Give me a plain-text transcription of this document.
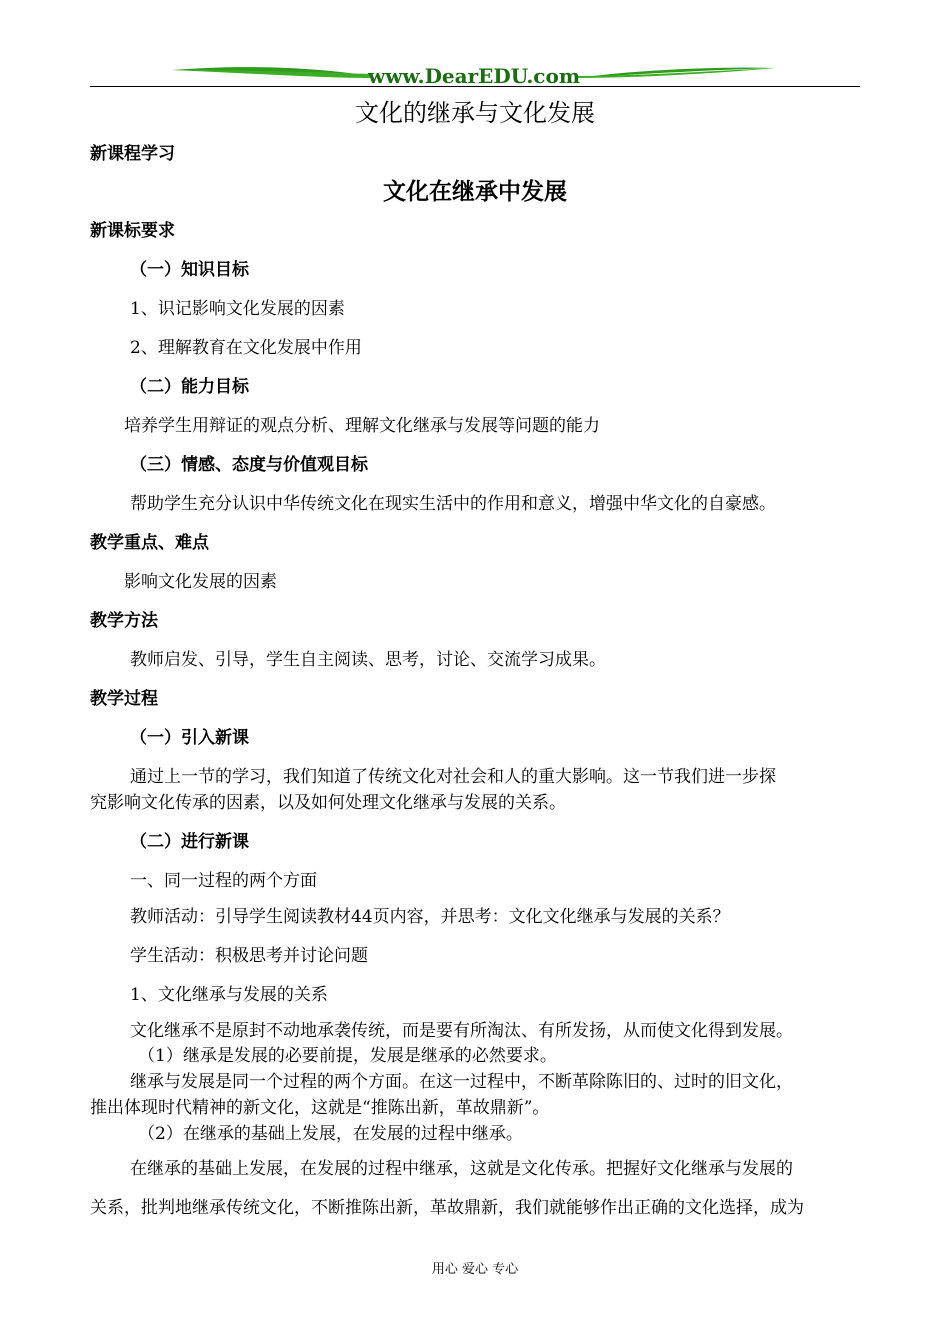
www.DearEDU.com
文化的继承与文化发展
新课程学习
文化在继承中发展
新课标要求
（一）知识目标
1、识记影响文化发展的因素
2、理解教育在文化发展中作用
（二）能力目标
培养学生用辩证的观点分析、理解文化继承与发展等问题的能力
（三）情感、态度与价值观目标
帮助学生充分认识中华传统文化在现实生活中的作用和意义，增强中华文化的自豪感。
教学重点、难点
影响文化发展的因素
教学方法
教师启发、引导，学生自主阅读、思考，讨论、交流学习成果。
教学过程
（一）引入新课
通过上一节的学习，我们知道了传统文化对社会和人的重大影响。这一节我们进一步探
究影响文化传承的因素，以及如何处理文化继承与发展的关系。
（二）进行新课
一、同一过程的两个方面
教师活动：引导学生阅读教材44页内容，并思考：文化文化继承与发展的关系？
学生活动：积极思考并讨论问题
1、文化继承与发展的关系
文化继承不是原封不动地承袭传统，而是要有所淘汰、有所发扬，从而使文化得到发展。
（1）继承是发展的必要前提，发展是继承的必然要求。
继承与发展是同一个过程的两个方面。在这一过程中，不断革除陈旧的、过时的旧文化，
推出体现时代精神的新文化，这就是“推陈出新，革故鼎新”。
（2）在继承的基础上发展，在发展的过程中继承。
在继承的基础上发展，在发展的过程中继承，这就是文化传承。把握好文化继承与发展的
关系，批判地继承传统文化，不断推陈出新，革故鼎新，我们就能够作出正确的文化选择，成为
用心 爱心 专心
